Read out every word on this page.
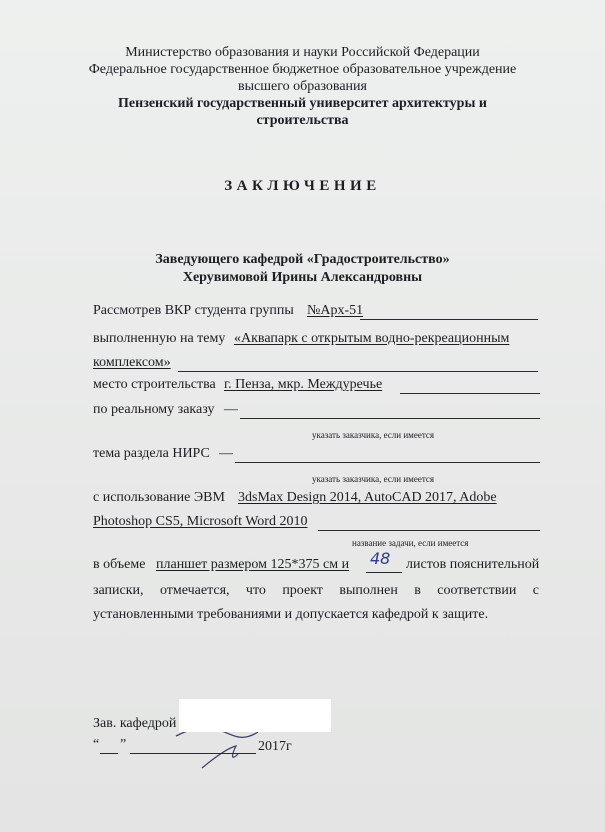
Министерство образования и науки Российской Федерации
Федеральное государственное бюджетное образовательное учреждение
высшего образования
Пензенский государственный университет архитектуры и
строительства
ЗАКЛЮЧЕНИЕ
Заведующего кафедрой «Градостроительство»
Херувимовой Ирины Александровны
Рассмотрев ВКР студента группы №Арх-51
выполненную на тему «Аквапарк с открытым водно-рекреационным
комплексом»
место строительства г. Пенза, мкр. Междуречье
по реальному заказу —
указать заказчика, если имеется
тема раздела НИРС —
указать заказчика, если имеется
с использование ЭВМ 3dsMax Design 2014, AutoCAD 2017, Adobe
Photoshop CS5, Microsoft Word 2010
название задачи, если имеется
в объеме планшет размером 125*375 см и 48 листов пояснительной
записки, отмечается, что проект выполнен в соответствии с
установленными требованиями и допускается кафедрой к защите.
Зав. кафедрой
“ ”	2017г
